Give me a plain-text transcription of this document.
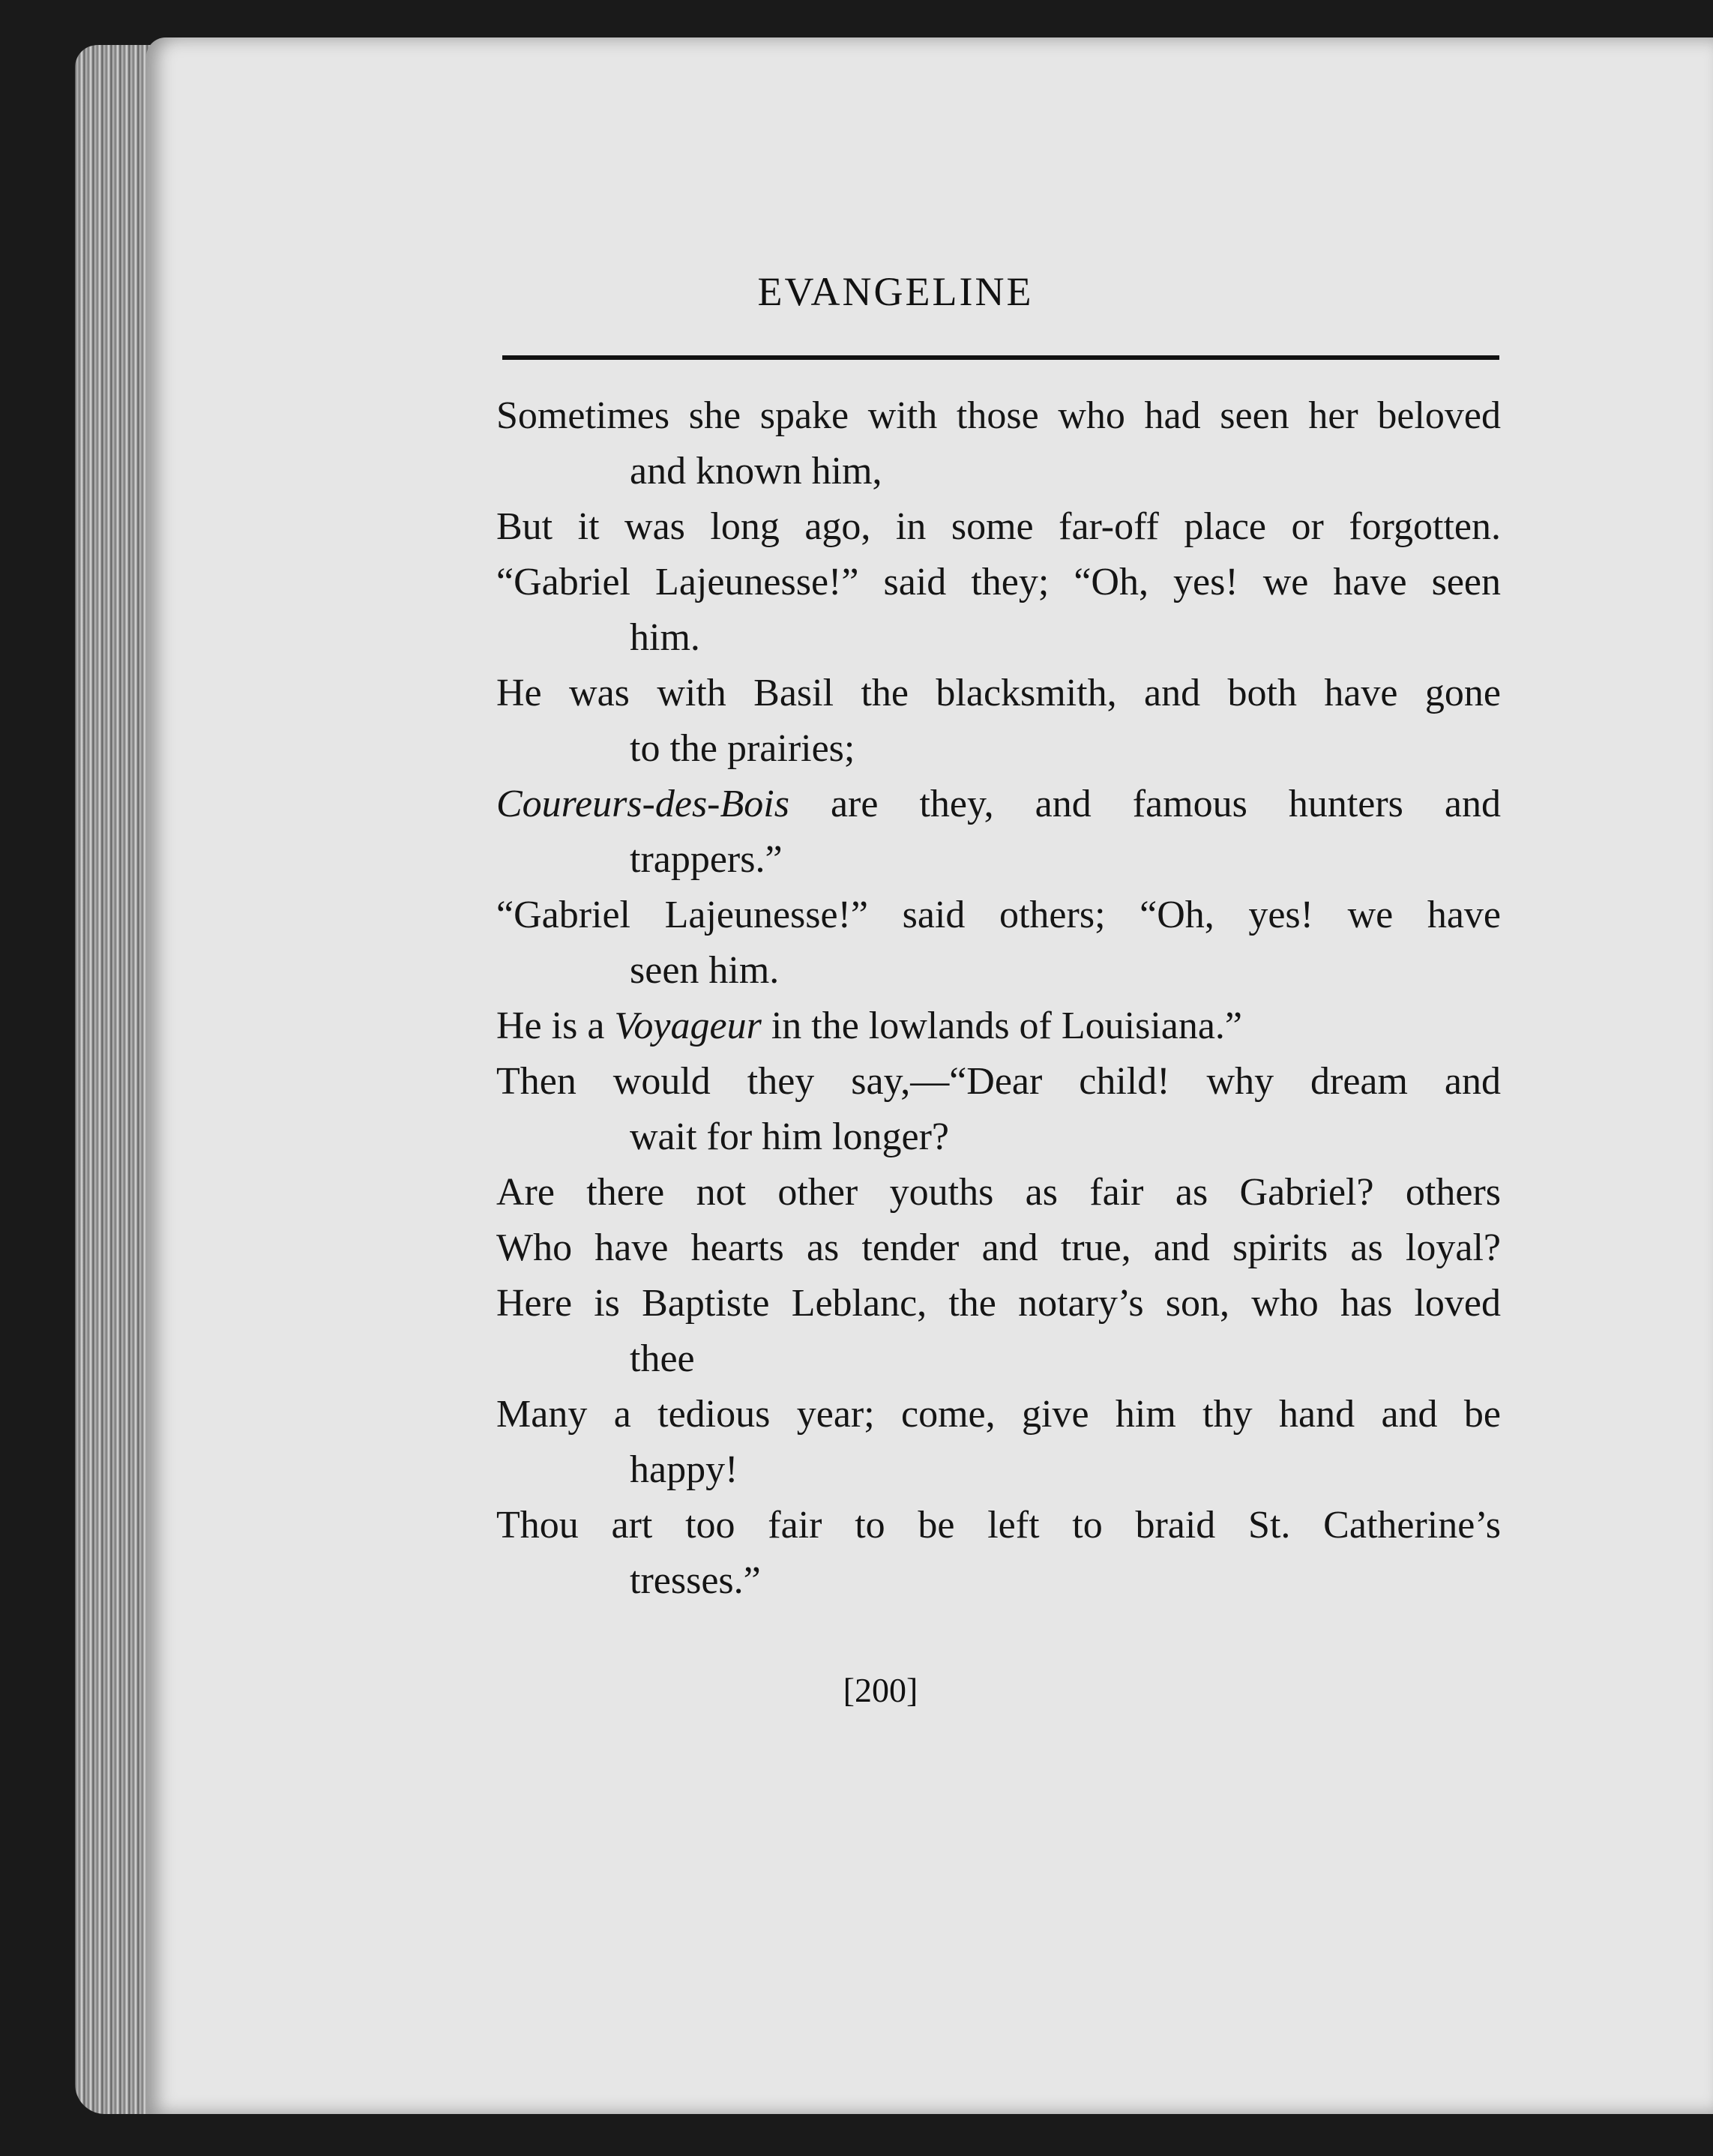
EVANGELINE
Sometimes she spake with those who had seen her beloved
and known him,
But it was long ago, in some far-off place or forgotten.
“Gabriel Lajeunesse!” said they; “Oh, yes! we have seen
him.
He was with Basil the blacksmith, and both have gone
to the prairies;
Coureurs-des-Bois are they, and famous hunters and
trappers.”
“Gabriel Lajeunesse!” said others; “Oh, yes! we have
seen him.
He is a Voyageur in the lowlands of Louisiana.”
Then would they say,—“Dear child! why dream and
wait for him longer?
Are there not other youths as fair as Gabriel? others
Who have hearts as tender and true, and spirits as loyal?
Here is Baptiste Leblanc, the notary’s son, who has loved
thee
Many a tedious year; come, give him thy hand and be
happy!
Thou art too fair to be left to braid St. Catherine’s
tresses.”
[200]
